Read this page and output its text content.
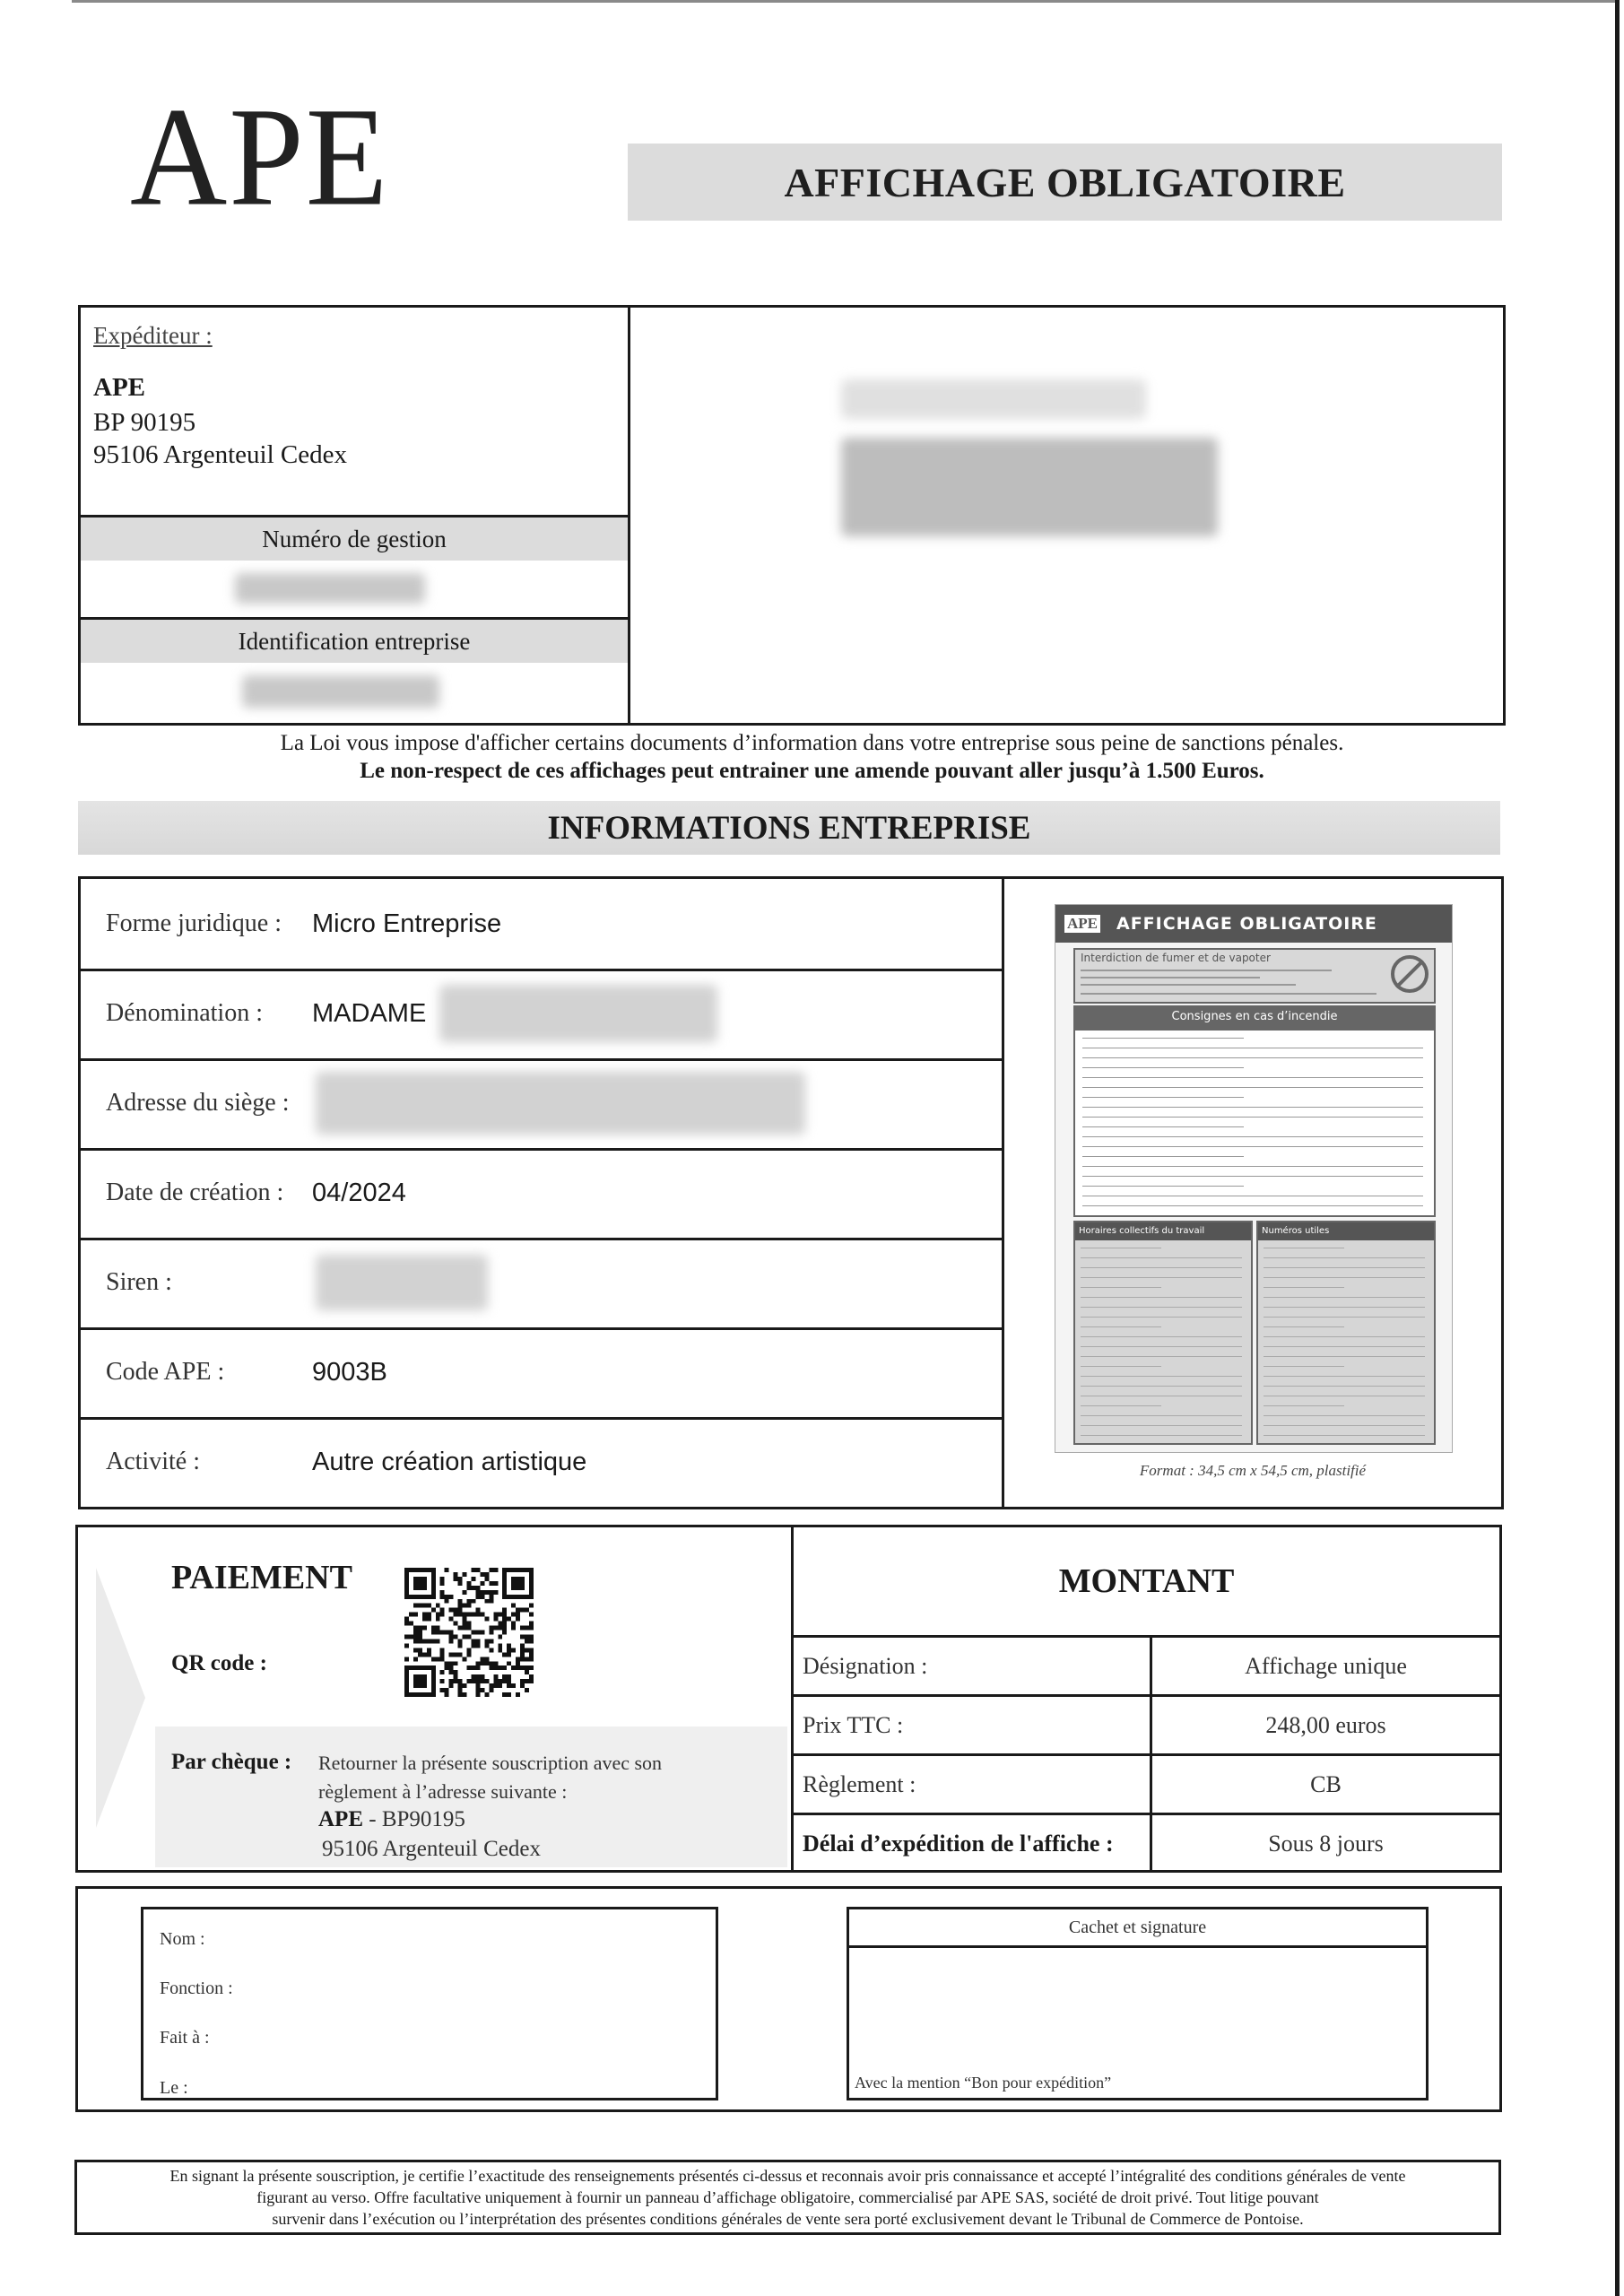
APE	AFFICHAGE OBLIGATOIRE
Expéditeur :
APE
BP 90195
95106 Argenteuil Cedex
Numéro de gestion
Identification entreprise
La Loi vous impose d'afficher certains documents d’information dans votre entreprise sous peine de sanctions pénales.
Le non-respect de ces affichages peut entrainer une amende pouvant aller jusqu’à 1.500 Euros.
INFORMATIONS ENTREPRISE
Forme juridique :	Micro Entreprise
Dénomination :	MADAME
Adresse du siège :
Date de création :	04/2024
Siren :
Code APE :	9003B
Activité :	Autre création artistique
APE AFFICHAGE OBLIGATOIRE
Interdiction de fumer et de vapoter
Consignes en cas d’incendie
Horaires collectifs du travail	Numéros utiles
Format : 34,5 cm x 54,5 cm, plastifié
PAIEMENT
QR code :
Par chèque : Retourner la présente souscription avec son
règlement à l’adresse suivante :
APE - BP90195
95106 Argenteuil Cedex
MONTANT
Désignation :	Affichage unique
Prix TTC :	248,00 euros
Règlement :	CB
Délai d’expédition de l'affiche :	Sous 8 jours
Nom :
Fonction :
Fait à :
Le :
Cachet et signature
Avec la mention “Bon pour expédition”
En signant la présente souscription, je certifie l’exactitude des renseignements présentés ci-dessus et reconnais avoir pris connaissance et accepté l’intégralité des conditions générales de vente
figurant au verso. Offre facultative uniquement à fournir un panneau d’affichage obligatoire, commercialisé par APE SAS, société de droit privé. Tout litige pouvant
survenir dans l’exécution ou l’interprétation des présentes conditions générales de vente sera porté exclusivement devant le Tribunal de Commerce de Pontoise.
